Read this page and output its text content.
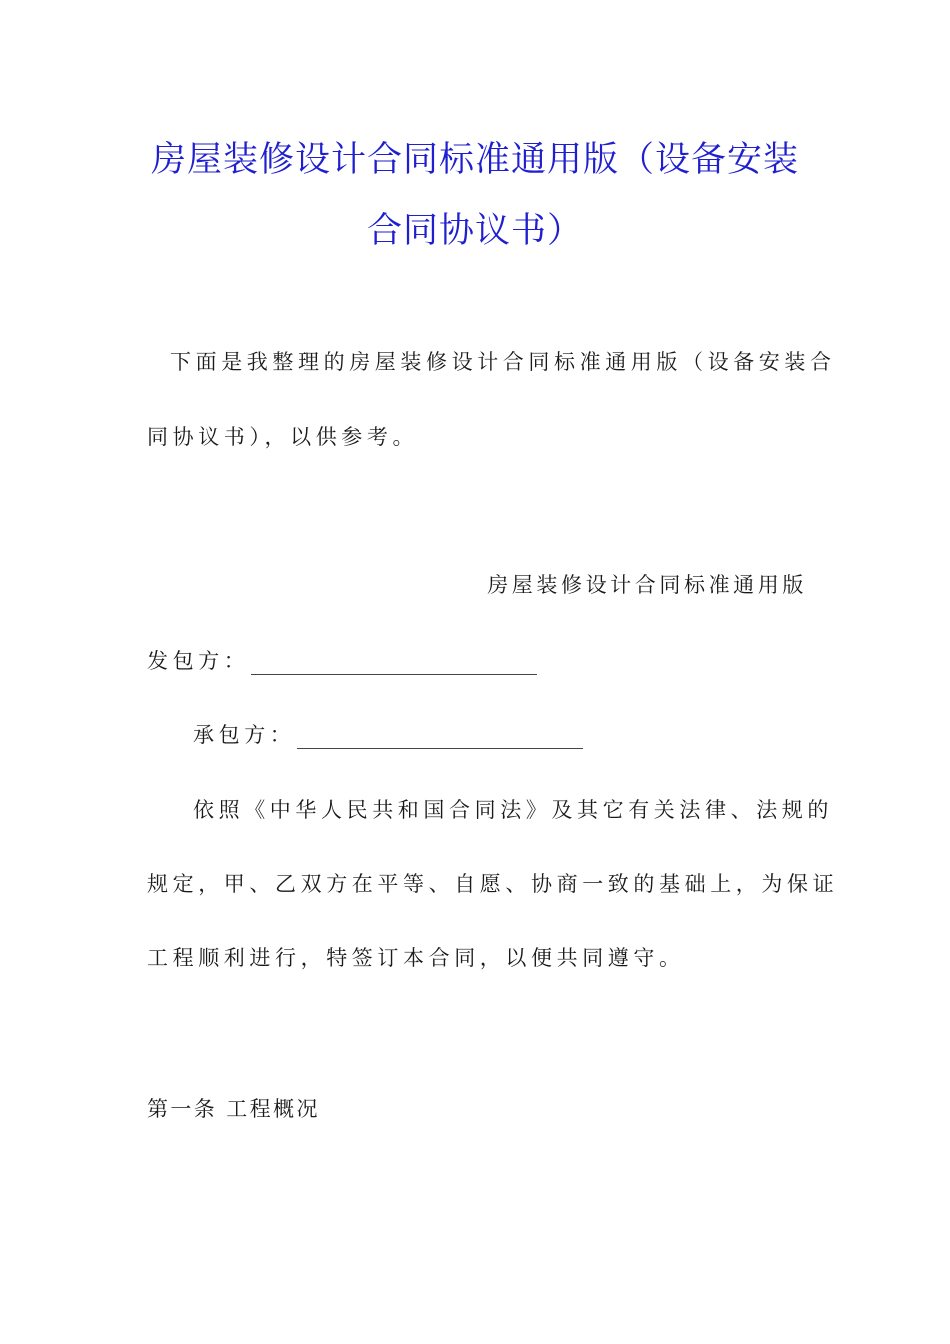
房屋装修设计合同标准通用版（设备安装
合同协议书）
下面是我整理的房屋装修设计合同标准通用版（设备安装合
同协议书），以供参考。
房屋装修设计合同标准通用版
发包方：
承包方：
依照《中华人民共和国合同法》及其它有关法律、法规的
规定，甲、乙双方在平等、自愿、协商一致的基础上，为保证
工程顺利进行，特签订本合同，以便共同遵守。
第一条 工程概况
